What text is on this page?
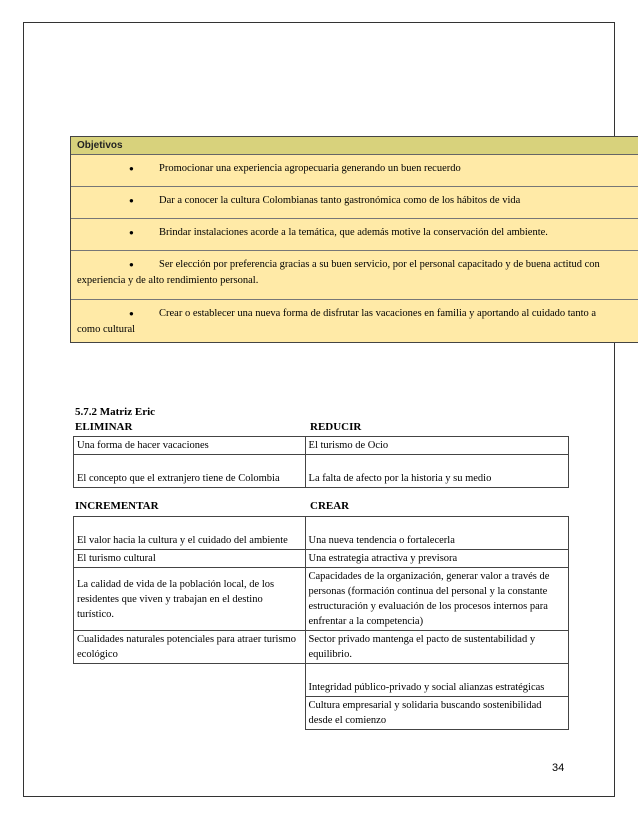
Objetivos
● Promocionar una experiencia agropecuaria generando un buen recuerdo
● Dar a conocer la cultura Colombianas tanto gastronómica como de los hábitos de vida
● Brindar instalaciones acorde a la temática, que además motive la conservación del ambiente.
● Ser elección por preferencia gracias a su buen servicio, por el personal capacitado y de buena actitud con
experiencia y de alto rendimiento personal.
● Crear o establecer una nueva forma de disfrutar las vacaciones en familia y aportando al cuidado tanto a
como cultural
5.7.2 Matriz Eric
ELIMINAR	REDUCIR
Una forma de hacer vacaciones	El turismo de Ocio
El concepto que el extranjero tiene de Colombia	La falta de afecto por la historia y su medio
INCREMENTAR	CREAR
El valor hacia la cultura y el cuidado del ambiente	Una nueva tendencia o fortalecerla
El turismo cultural	Una estrategia atractiva y previsora
La calidad de vida de la población local, de los residentes que viven y trabajan en el destino turístico.	Capacidades de la organización, generar valor a través de personas (formación continua del personal y la constante estructuración y evaluación de los procesos internos para enfrentar a la competencia)
Cualidades naturales potenciales para atraer turismo ecológico	Sector privado mantenga el pacto de sustentabilidad y equilibrio.
	Integridad público-privado y social alianzas estratégicas
	Cultura empresarial y solidaria buscando sostenibilidad desde el comienzo
34
